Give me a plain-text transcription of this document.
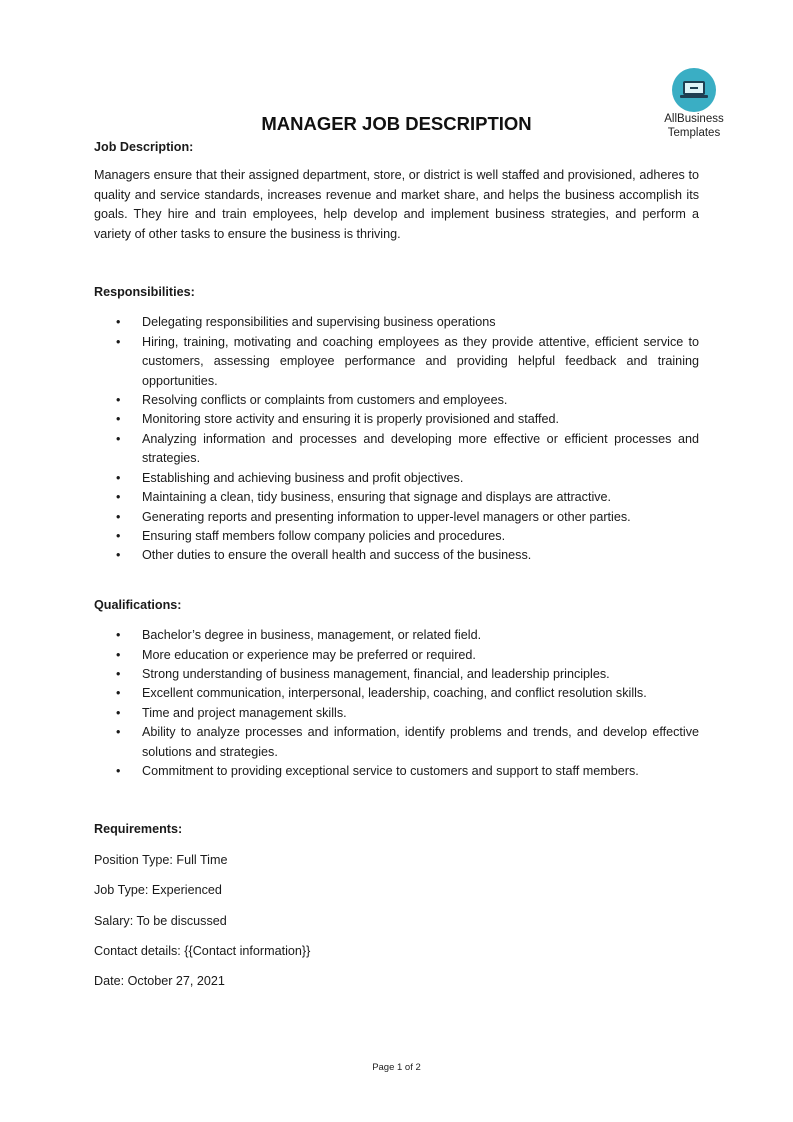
AllBusiness
Templates
MANAGER JOB DESCRIPTION

Job Description:

Managers ensure that their assigned department, store, or district is well staffed and provisioned, adheres to quality and service standards, increases revenue and market share, and helps the business accomplish its goals. They hire and train employees, help develop and implement business strategies, and perform a variety of other tasks to ensure the business is thriving.

Responsibilities:

• Delegating responsibilities and supervising business operations
• Hiring, training, motivating and coaching employees as they provide attentive, efficient service to customers, assessing employee performance and providing helpful feedback and training opportunities.
• Resolving conflicts or complaints from customers and employees.
• Monitoring store activity and ensuring it is properly provisioned and staffed.
• Analyzing information and processes and developing more effective or efficient processes and strategies.
• Establishing and achieving business and profit objectives.
• Maintaining a clean, tidy business, ensuring that signage and displays are attractive.
• Generating reports and presenting information to upper-level managers or other parties.
• Ensuring staff members follow company policies and procedures.
• Other duties to ensure the overall health and success of the business.

Qualifications:

• Bachelor’s degree in business, management, or related field.
• More education or experience may be preferred or required.
• Strong understanding of business management, financial, and leadership principles.
• Excellent communication, interpersonal, leadership, coaching, and conflict resolution skills.
• Time and project management skills.
• Ability to analyze processes and information, identify problems and trends, and develop effective solutions and strategies.
• Commitment to providing exceptional service to customers and support to staff members.

Requirements:

Position Type: Full Time

Job Type: Experienced

Salary: To be discussed

Contact details: {{Contact information}}

Date: October 27, 2021

Page 1 of 2
